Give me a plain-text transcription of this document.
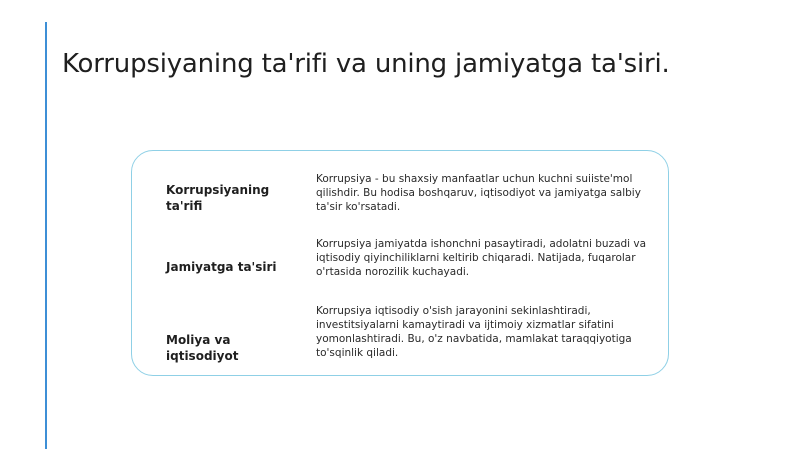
Korrupsiyaning ta'rifi va uning jamiyatga ta'siri.
Korrupsiyaning ta'rifi
Korrupsiya - bu shaxsiy manfaatlar uchun kuchni suiiste'mol qilishdir. Bu hodisa boshqaruv, iqtisodiyot va jamiyatga salbiy ta'sir ko'rsatadi.
Jamiyatga ta'siri
Korrupsiya jamiyatda ishonchni pasaytiradi, adolatni buzadi va iqtisodiy qiyinchiliklarni keltirib chiqaradi. Natijada, fuqarolar o'rtasida norozilik kuchayadi.
Moliya va iqtisodiyot
Korrupsiya iqtisodiy o'sish jarayonini sekinlashtiradi, investitsiyalarni kamaytiradi va ijtimoiy xizmatlar sifatini yomonlashtiradi. Bu, o'z navbatida, mamlakat taraqqiyotiga to'sqinlik qiladi.
